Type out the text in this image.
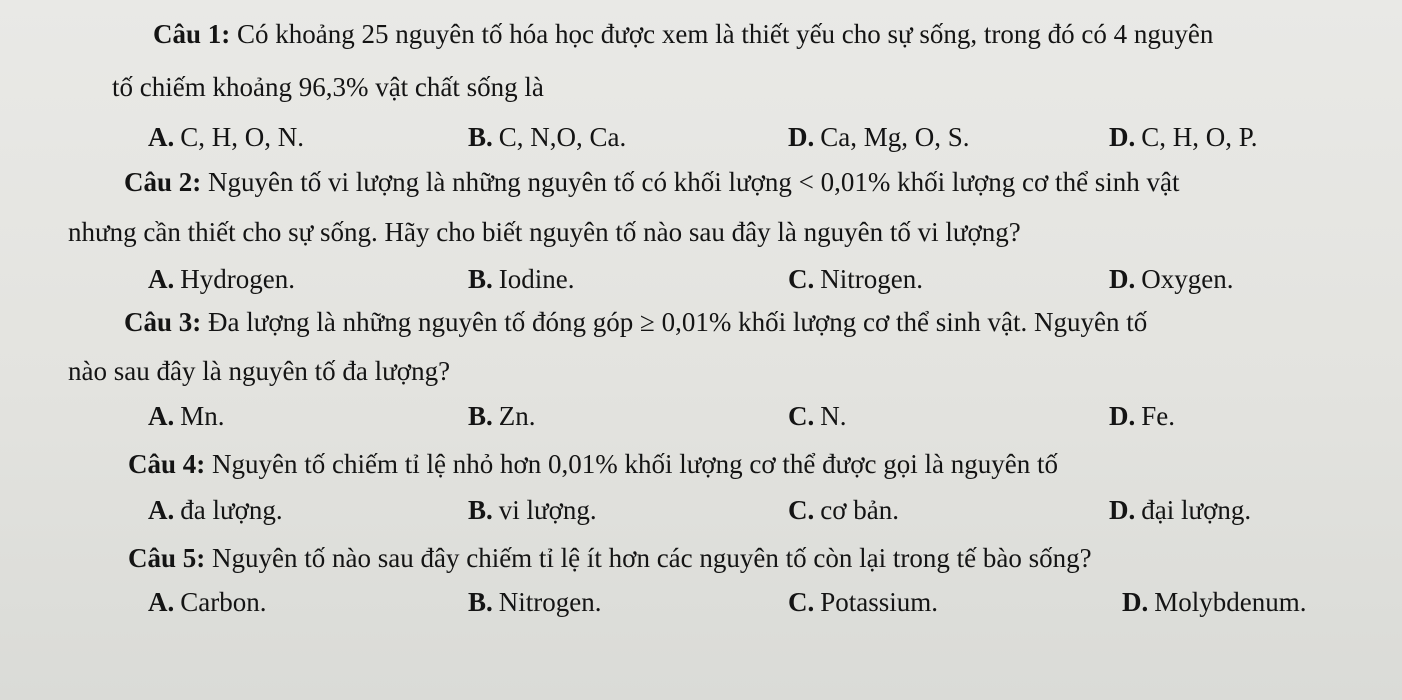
Câu 1: Có khoảng 25 nguyên tố hóa học được xem là thiết yếu cho sự sống, trong đó có 4 nguyên
tố chiếm khoảng 96,3% vật chất sống là
A. C, H, O, N.	B. C, N,O, Ca.	D. Ca, Mg, O, S.	D. C, H, O, P.
Câu 2: Nguyên tố vi lượng là những nguyên tố có khối lượng < 0,01% khối lượng cơ thể sinh vật
nhưng cần thiết cho sự sống. Hãy cho biết nguyên tố nào sau đây là nguyên tố vi lượng?
A. Hydrogen.	B. Iodine.	C. Nitrogen.	D. Oxygen.
Câu 3: Đa lượng là những nguyên tố đóng góp ≥ 0,01% khối lượng cơ thể sinh vật. Nguyên tố
nào sau đây là nguyên tố đa lượng?
A. Mn.	B. Zn.	C. N.	D. Fe.
Câu 4: Nguyên tố chiếm tỉ lệ nhỏ hơn 0,01% khối lượng cơ thể được gọi là nguyên tố
A. đa lượng.	B. vi lượng.	C. cơ bản.	D. đại lượng.
Câu 5: Nguyên tố nào sau đây chiếm tỉ lệ ít hơn các nguyên tố còn lại trong tế bào sống?
A. Carbon.	B. Nitrogen.	C. Potassium.	D. Molybdenum.
